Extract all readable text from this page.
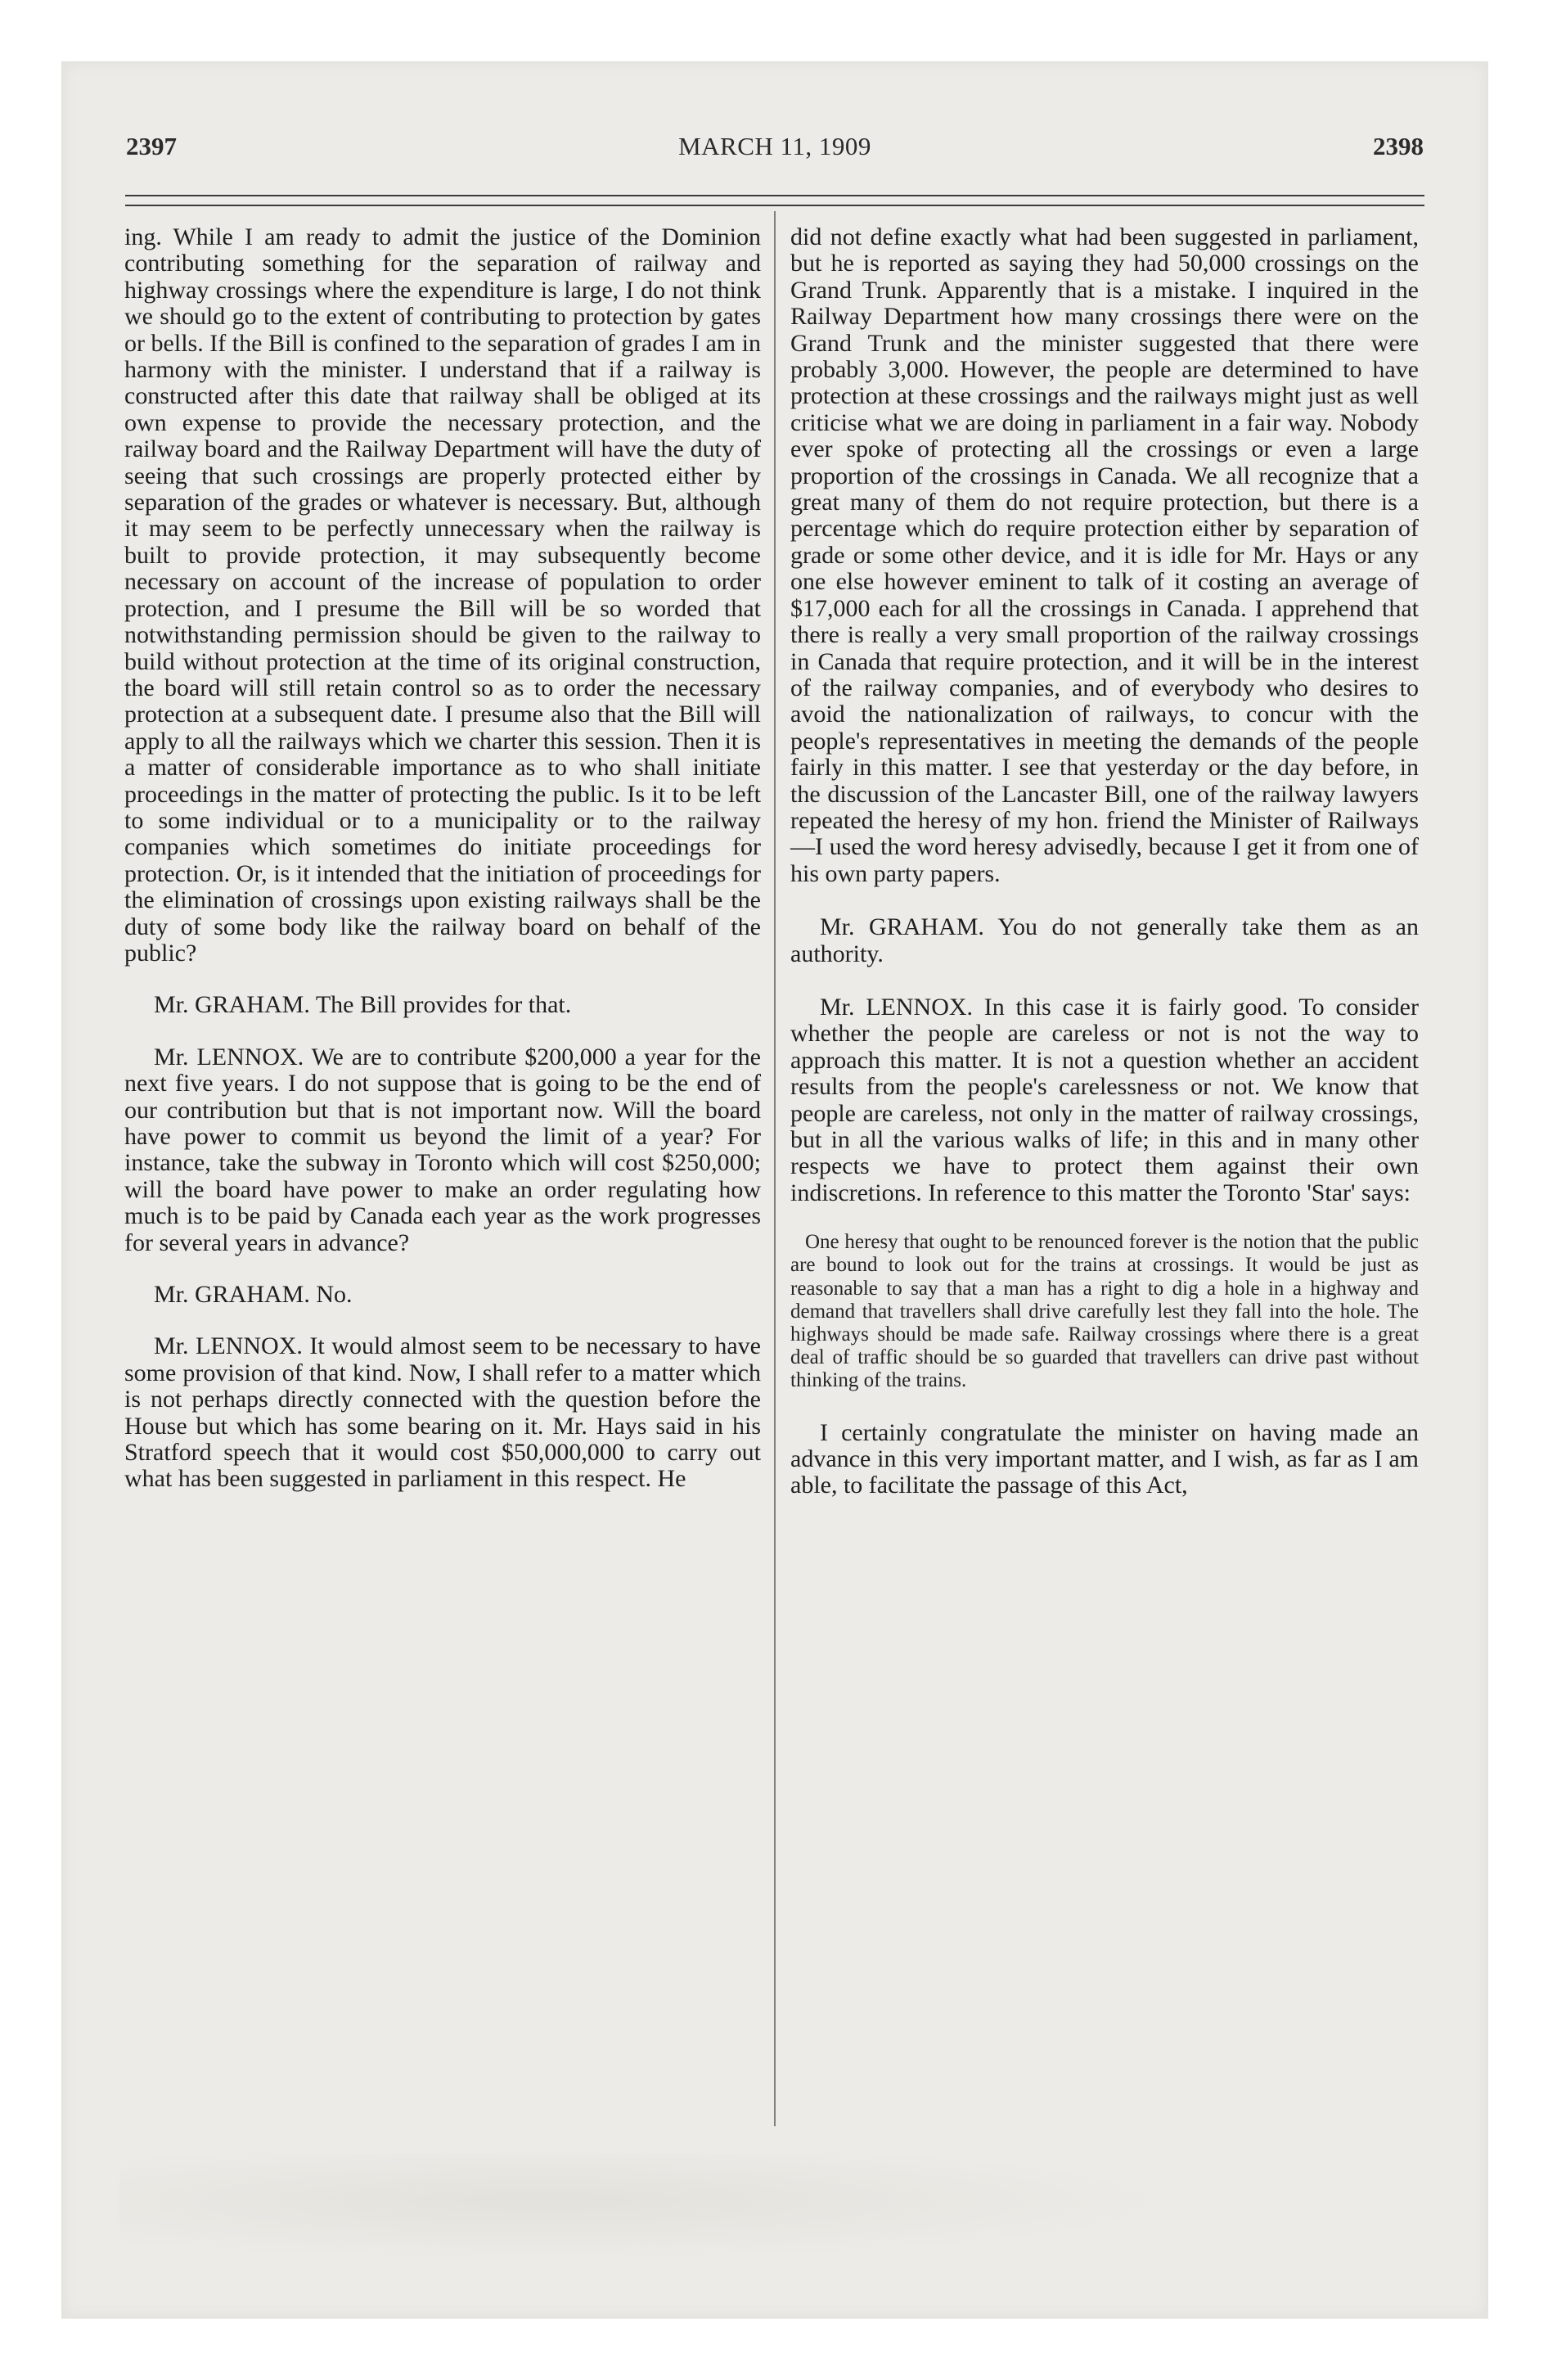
2397	MARCH 11, 1909	2398

ing. While I am ready to admit the justice of the Dominion contributing something for the separation of railway and highway crossings where the expenditure is large, I do not think we should go to the extent of contributing to protection by gates or bells. If the Bill is confined to the separation of grades I am in harmony with the minister. I understand that if a railway is constructed after this date that railway shall be obliged at its own expense to provide the necessary protection, and the railway board and the Railway Department will have the duty of seeing that such crossings are properly protected either by separation of the grades or whatever is necessary. But, although it may seem to be perfectly unnecessary when the railway is built to provide protection, it may subsequently become necessary on account of the increase of population to order protection, and I presume the Bill will be so worded that notwithstanding permission should be given to the railway to build without protection at the time of its original construction, the board will still retain control so as to order the necessary protection at a subsequent date. I presume also that the Bill will apply to all the railways which we charter this session. Then it is a matter of considerable importance as to who shall initiate proceedings in the matter of protecting the public. Is it to be left to some individual or to a municipality or to the railway companies which sometimes do initiate proceedings for protection. Or, is it intended that the initiation of proceedings for the elimination of crossings upon existing railways shall be the duty of some body like the railway board on behalf of the public?

Mr. GRAHAM. The Bill provides for that.

Mr. LENNOX. We are to contribute $200,000 a year for the next five years. I do not suppose that is going to be the end of our contribution but that is not important now. Will the board have power to commit us beyond the limit of a year? For instance, take the subway in Toronto which will cost $250,000; will the board have power to make an order regulating how much is to be paid by Canada each year as the work progresses for several years in advance?

Mr. GRAHAM. No.

Mr. LENNOX. It would almost seem to be necessary to have some provision of that kind. Now, I shall refer to a matter which is not perhaps directly connected with the question before the House but which has some bearing on it. Mr. Hays said in his Stratford speech that it would cost $50,000,000 to carry out what has been suggested in parliament in this respect. He

did not define exactly what had been suggested in parliament, but he is reported as saying they had 50,000 crossings on the Grand Trunk. Apparently that is a mistake. I inquired in the Railway Department how many crossings there were on the Grand Trunk and the minister suggested that there were probably 3,000. However, the people are determined to have protection at these crossings and the railways might just as well criticise what we are doing in parliament in a fair way. Nobody ever spoke of protecting all the crossings or even a large proportion of the crossings in Canada. We all recognize that a great many of them do not require protection, but there is a percentage which do require protection either by separation of grade or some other device, and it is idle for Mr. Hays or any one else however eminent to talk of it costing an average of $17,000 each for all the crossings in Canada. I apprehend that there is really a very small proportion of the railway crossings in Canada that require protection, and it will be in the interest of the railway companies, and of everybody who desires to avoid the nationalization of railways, to concur with the people's representatives in meeting the demands of the people fairly in this matter. I see that yesterday or the day before, in the discussion of the Lancaster Bill, one of the railway lawyers repeated the heresy of my hon. friend the Minister of Railways—I used the word heresy advisedly, because I get it from one of his own party papers.

Mr. GRAHAM. You do not generally take them as an authority.

Mr. LENNOX. In this case it is fairly good. To consider whether the people are careless or not is not the way to approach this matter. It is not a question whether an accident results from the people's carelessness or not. We know that people are careless, not only in the matter of railway crossings, but in all the various walks of life; in this and in many other respects we have to protect them against their own indiscretions. In reference to this matter the Toronto 'Star' says:

One heresy that ought to be renounced forever is the notion that the public are bound to look out for the trains at crossings. It would be just as reasonable to say that a man has a right to dig a hole in a highway and demand that travellers shall drive carefully lest they fall into the hole. The highways should be made safe. Railway crossings where there is a great deal of traffic should be so guarded that travellers can drive past without thinking of the trains.

I certainly congratulate the minister on having made an advance in this very important matter, and I wish, as far as I am able, to facilitate the passage of this Act,
